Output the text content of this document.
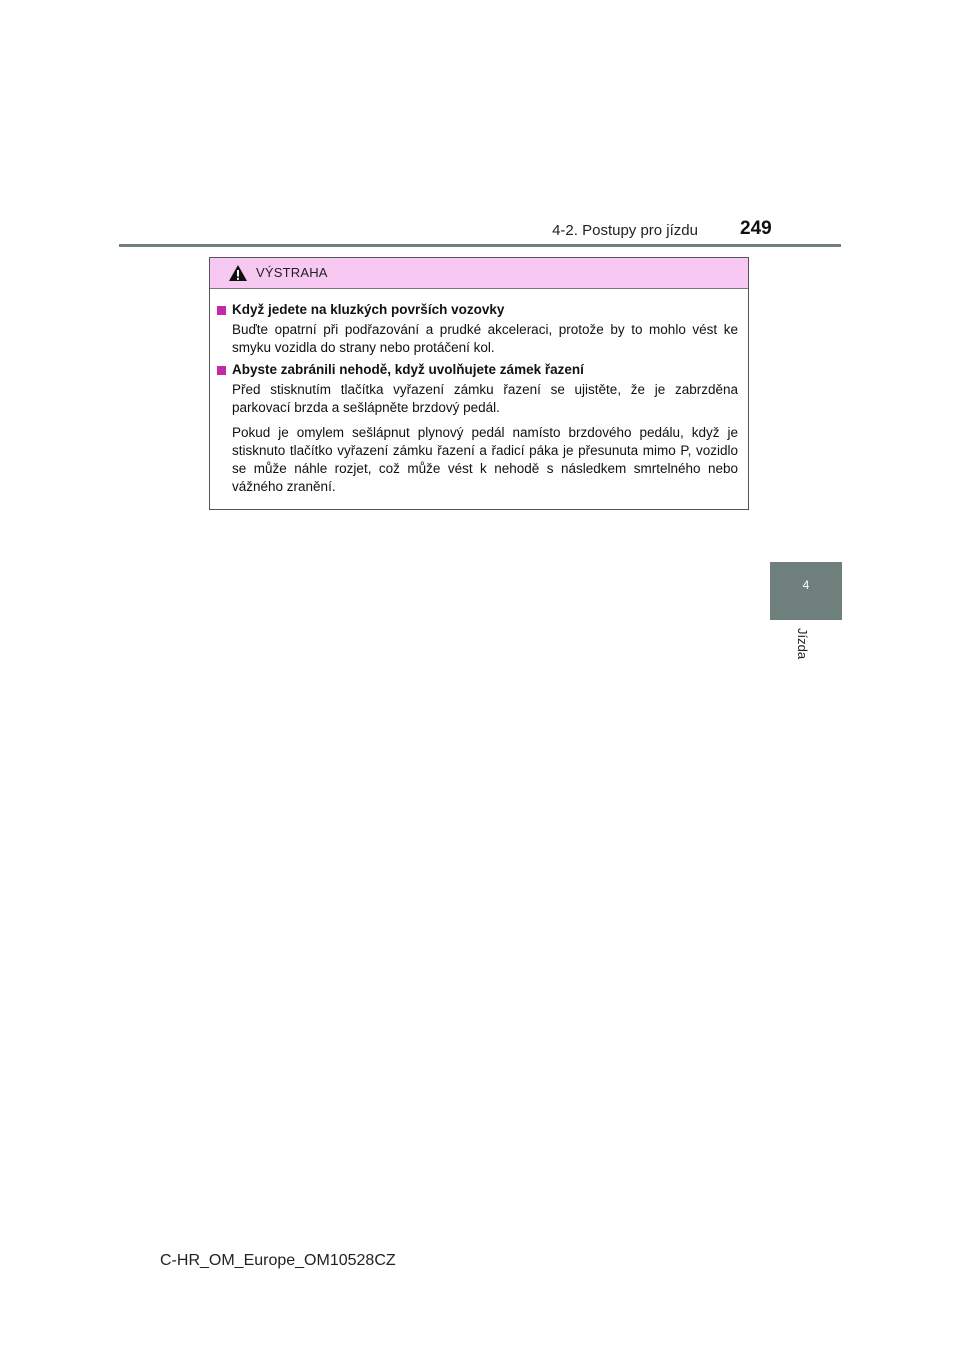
4-2. Postupy pro jízdu 249
4
Jízda
VÝSTRAHA
Když jedete na kluzkých površích vozovky

Buďte opatrní při podřazování a prudké akceleraci, protože by to mohlo vést ke smyku vozidla do strany nebo protáčení kol.

Abyste zabránili nehodě, když uvolňujete zámek řazení

Před stisknutím tlačítka vyřazení zámku řazení se ujistěte, že je zabrzděna parkovací brzda a sešlápněte brzdový pedál.

Pokud je omylem sešlápnut plynový pedál namísto brzdového pedálu, když je stisknuto tlačítko vyřazení zámku řazení a řadicí páka je přesunuta mimo P, vozidlo se může náhle rozjet, což může vést k nehodě s následkem smrtelného nebo vážného zranění.

C-HR_OM_Europe_OM10528CZ
